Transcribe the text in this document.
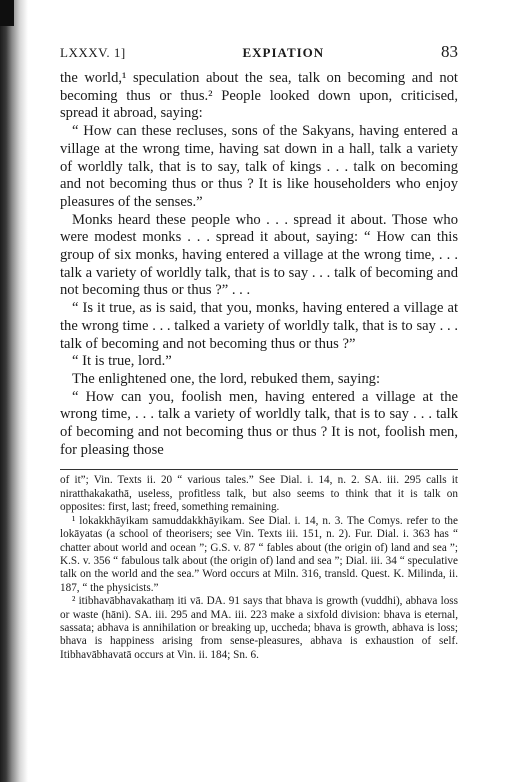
LXXXV. 1]	EXPIATION	83

the world,¹ speculation about the sea, talk on becoming and not becoming thus or thus.² People looked down upon, criticised, spread it abroad, saying:

“ How can these recluses, sons of the Sakyans, having entered a village at the wrong time, having sat down in a hall, talk a variety of worldly talk, that is to say, talk of kings . . . talk on becoming and not becoming thus or thus ? It is like householders who enjoy pleasures of the senses.”

Monks heard these people who . . . spread it about. Those who were modest monks . . . spread it about, saying: “ How can this group of six monks, having entered a village at the wrong time, . . . talk a variety of worldly talk, that is to say . . . talk of becoming and not becoming thus or thus ?” . . .

“ Is it true, as is said, that you, monks, having entered a village at the wrong time . . . talked a variety of worldly talk, that is to say . . . talk of becoming and not becoming thus or thus ?”

“ It is true, lord.”

The enlightened one, the lord, rebuked them, saying:

“ How can you, foolish men, having entered a village at the wrong time, . . . talk a variety of worldly talk, that is to say . . . talk of becoming and not becoming thus or thus ? It is not, foolish men, for pleasing those

of it”; Vin. Texts ii. 20 “ various tales.” See Dial. i. 14, n. 2. SA. iii. 295 calls it niratthakakathā, useless, profitless talk, but also seems to think that it is talk on opposites: first, last; freed, something remaining.

¹ lokakkhāyikam samuddakkhāyikam. See Dial. i. 14, n. 3. The Comys. refer to the lokāyatas (a school of theorisers; see Vin. Texts iii. 151, n. 2). Fur. Dial. i. 363 has “ chatter about world and ocean ”; G.S. v. 87 “ fables about (the origin of) land and sea ”; K.S. v. 356 “ fabulous talk about (the origin of) land and sea ”; Dial. iii. 34 “ speculative talk on the world and the sea.” Word occurs at Miln. 316, transld. Quest. K. Milinda, ii. 187, “ the physicists.”

² itibhavābhavakathaṃ iti vā. DA. 91 says that bhava is growth (vuddhi), abhava loss or waste (hāni). SA. iii. 295 and MA. iii. 223 make a sixfold division: bhava is eternal, sassata; abhava is annihilation or breaking up, uccheda; bhava is growth, abhava is loss; bhava is happiness arising from sense-pleasures, abhava is exhaustion of self. Itibhavābhavatā occurs at Vin. ii. 184; Sn. 6.
